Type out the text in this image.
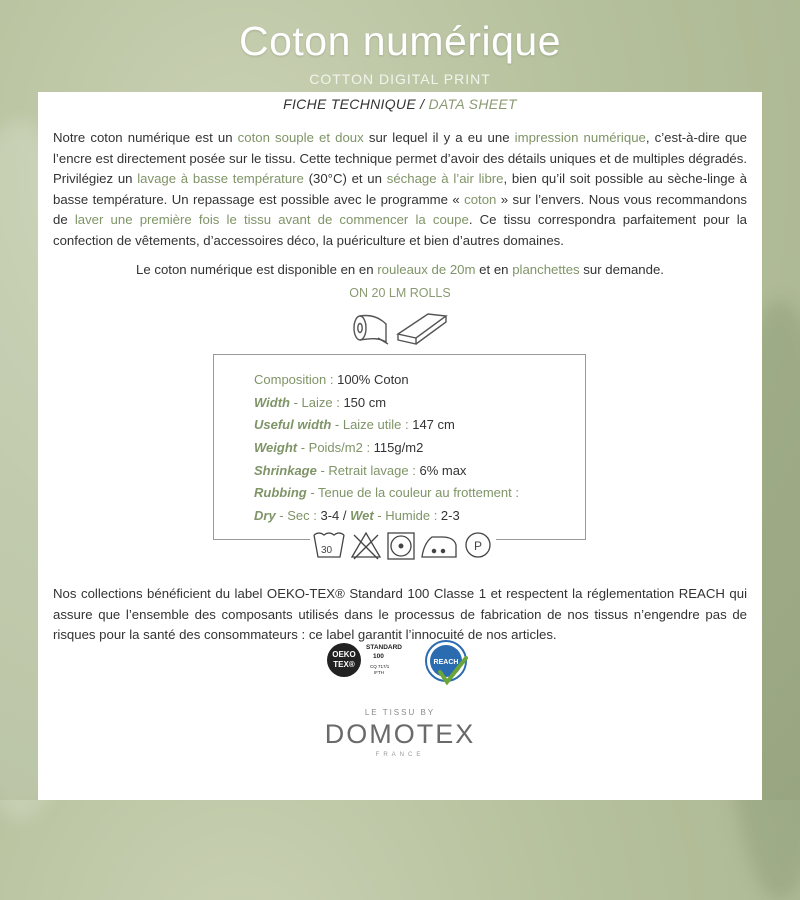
Coton numérique
COTTON DIGITAL PRINT
FICHE TECHNIQUE / DATA SHEET
Notre coton numérique est un coton souple et doux sur lequel il y a eu une impression numérique, c’est-à-dire que l’encre est directement posée sur le tissu. Cette technique permet d’avoir des détails uniques et de multiples dégradés. Privilégiez un lavage à basse température (30°C) et un séchage à l’air libre, bien qu’il soit possible au sèche-linge à basse température. Un repassage est possible avec le programme « coton » sur l’envers. Nous vous recommandons de laver une première fois le tissu avant de commencer la coupe. Ce tissu correspondra parfaitement pour la confection de vêtements, d’accessoires déco, la puériculture et bien d’autres domaines.
Le coton numérique est disponible en en rouleaux de 20m et en planchettes sur demande.
ON 20 LM ROLLS
Composition : 100% Coton
Width - Laize : 150 cm
Useful width - Laize utile : 147 cm
Weight - Poids/m2 : 115g/m2
Shrinkage - Retrait lavage : 6% max
Rubbing - Tenue de la couleur au frottement :
Dry - Sec : 3-4 / Wet - Humide : 2-3
30	P
Nos collections bénéficient du label OEKO-TEX® Standard 100 Classe 1 et respectent la réglementation REACH qui assure que l’ensemble des composants utilisés dans le processus de fabrication de nos tissus n’engendre pas de risques pour la santé des consommateurs : ce label garantit l’innocuité de nos articles.
OEKO
TEX®
STANDARD
100
CQ 717/1
IFTH
REACH
LE TISSU BY
DOMOTEX
FRANCE
